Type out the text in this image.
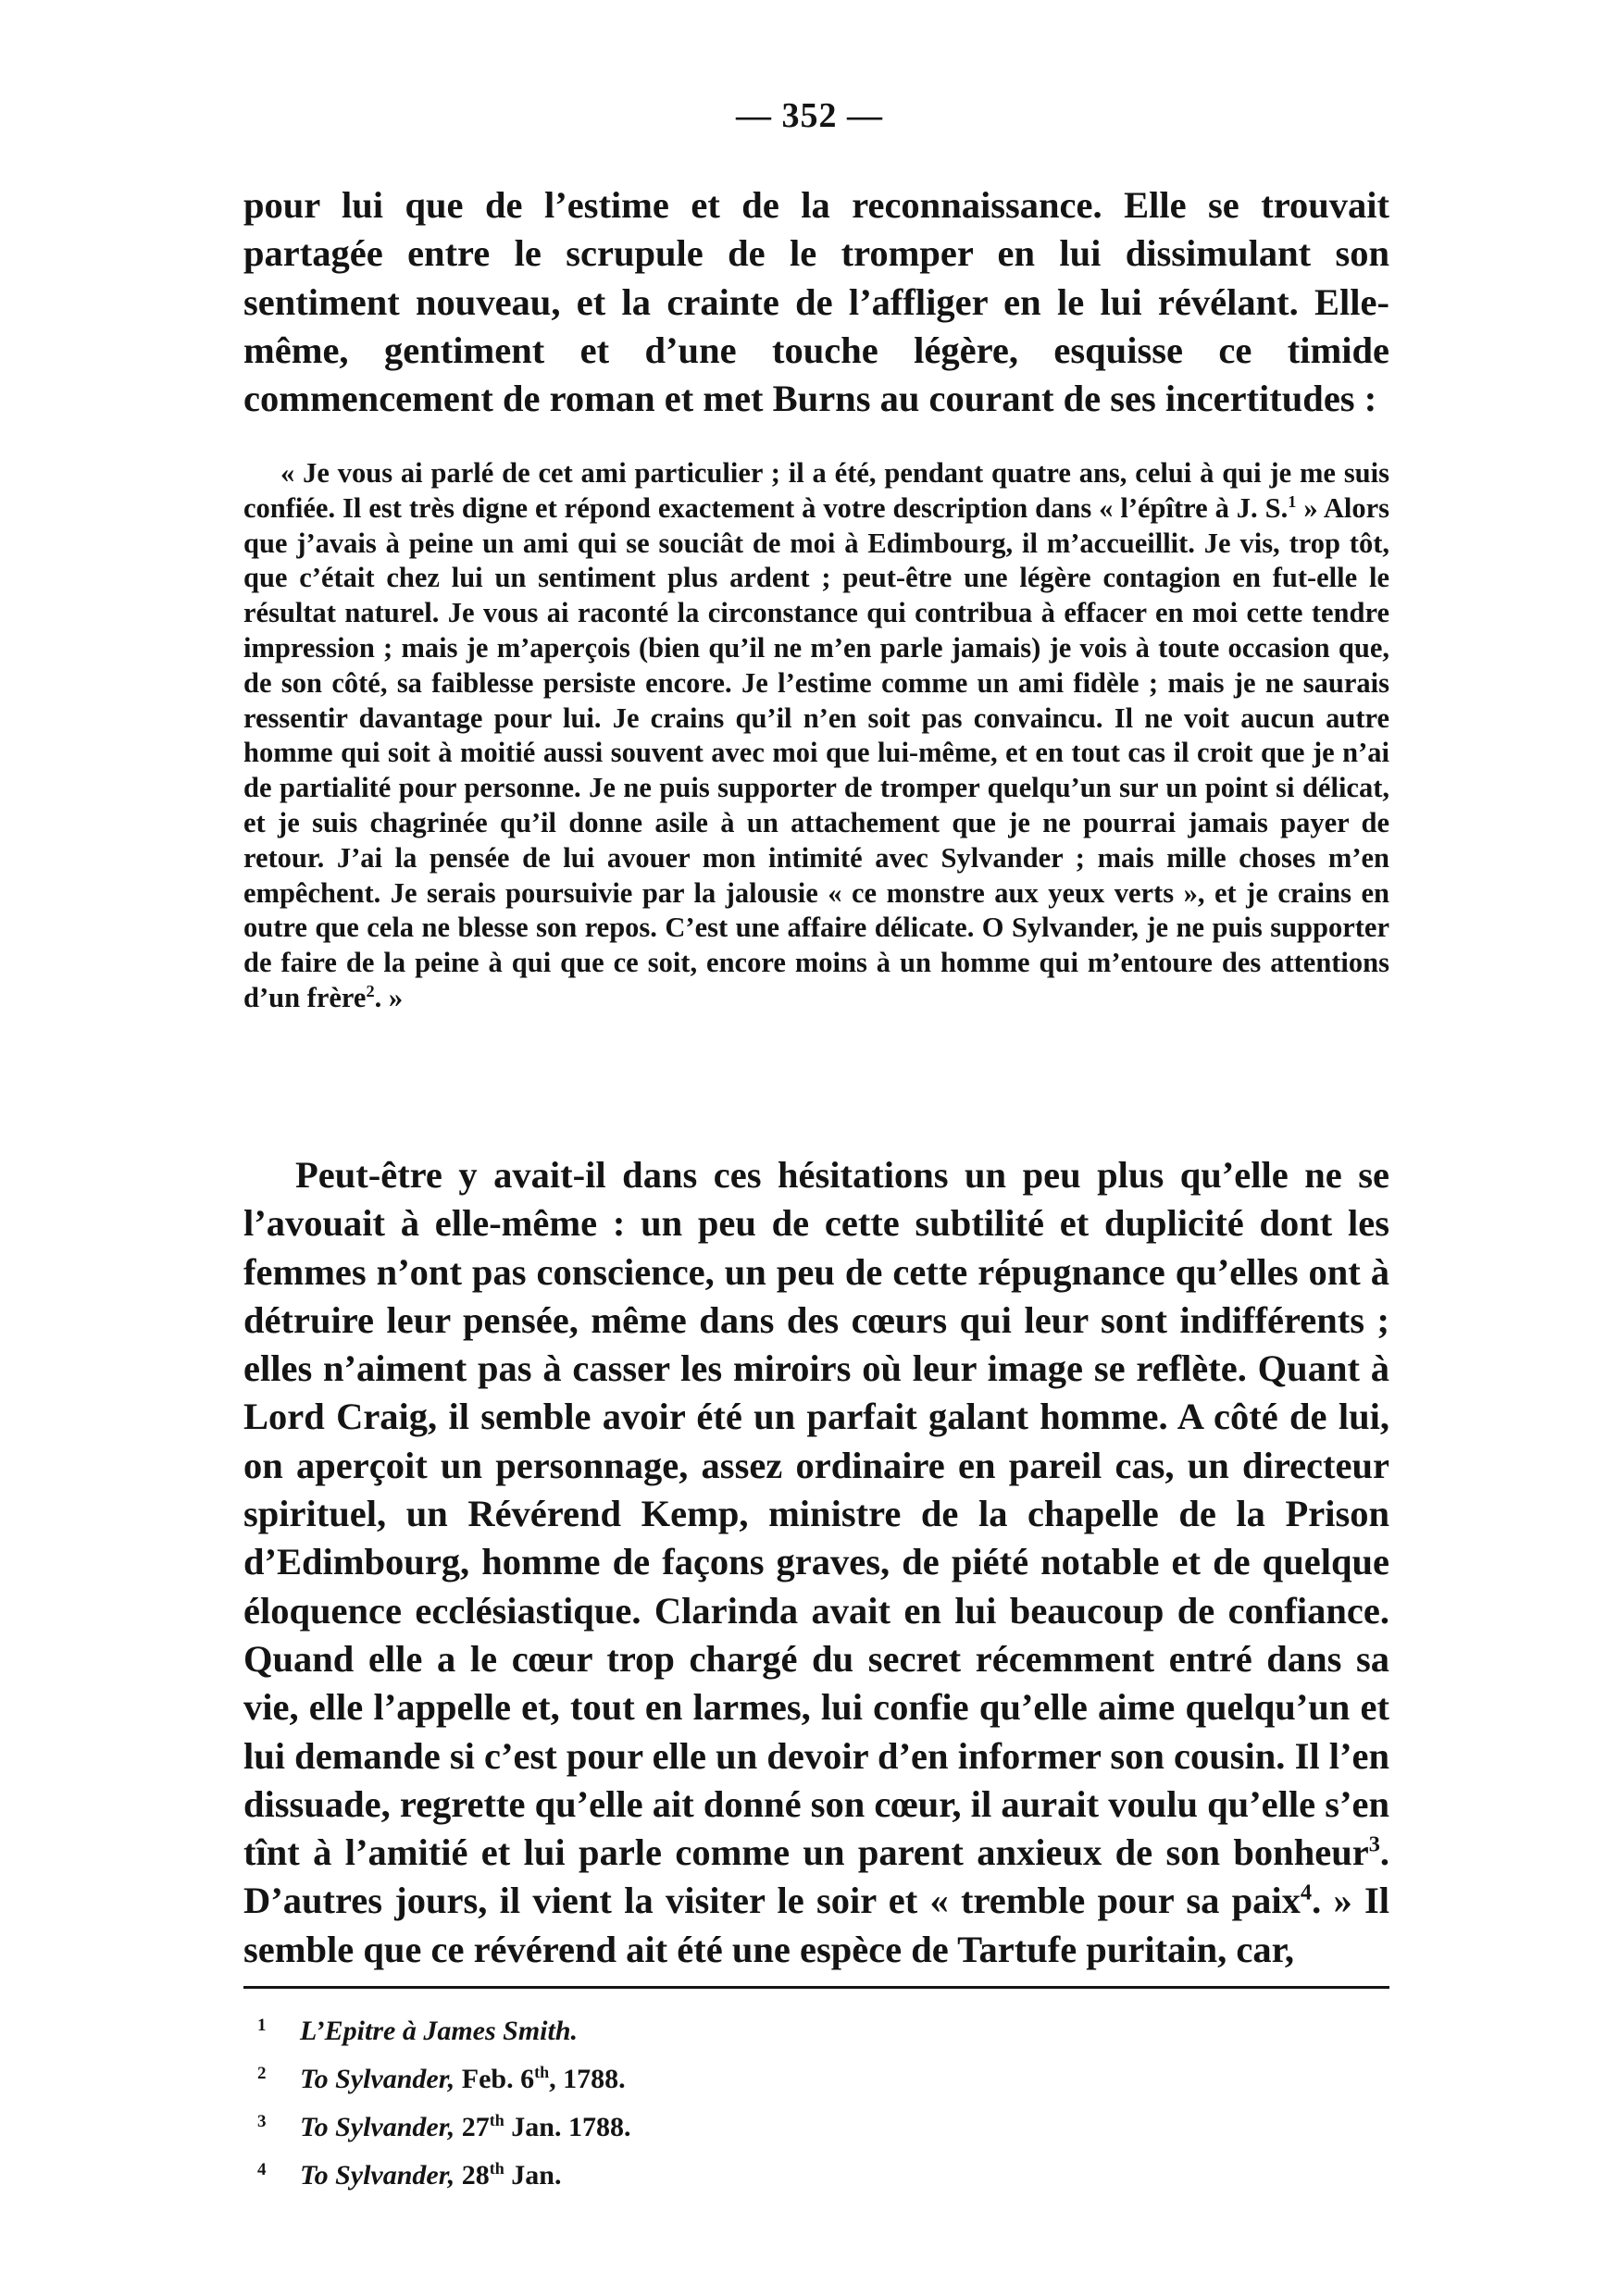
— 352 —
pour lui que de l’estime et de la reconnaissance. Elle se trouvait partagée entre le scrupule de le tromper en lui dissimulant son sentiment nouveau, et la crainte de l’affliger en le lui révélant. Elle-même, gentiment et d’une touche légère, esquisse ce timide commencement de roman et met Burns au courant de ses incertitudes :
« Je vous ai parlé de cet ami particulier ; il a été, pendant quatre ans, celui à qui je me suis confiée. Il est très digne et répond exactement à votre description dans « l’épître à J. S.$^1$ » Alors que j’avais à peine un ami qui se souciât de moi à Edimbourg, il m’accueillit. Je vis, trop tôt, que c’était chez lui un sentiment plus ardent ; peut-être une légère contagion en fut-elle le résultat naturel. Je vous ai raconté la circonstance qui contribua à effacer en moi cette tendre impression ; mais je m’aperçois (bien qu’il ne m’en parle jamais) je vois à toute occasion que, de son côté, sa faiblesse persiste encore. Je l’estime comme un ami fidèle ; mais je ne saurais ressentir davantage pour lui. Je crains qu’il n’en soit pas convaincu. Il ne voit aucun autre homme qui soit à moitié aussi souvent avec moi que lui-même, et en tout cas il croit que je n’ai de partialité pour personne. Je ne puis supporter de tromper quelqu’un sur un point si délicat, et je suis chagrinée qu’il donne asile à un attachement que je ne pourrai jamais payer de retour. J’ai la pensée de lui avouer mon intimité avec Sylvander ; mais mille choses m’en empêchent. Je serais poursuivie par la jalousie « ce monstre aux yeux verts », et je crains en outre que cela ne blesse son repos. C’est une affaire délicate. O Sylvander, je ne puis supporter de faire de la peine à qui que ce soit, encore moins à un homme qui m’entoure des attentions d’un frère$^2$. »
Peut-être y avait-il dans ces hésitations un peu plus qu’elle ne se l’avouait à elle-même : un peu de cette subtilité et duplicité dont les femmes n’ont pas conscience, un peu de cette répugnance qu’elles ont à détruire leur pensée, même dans des cœurs qui leur sont indifférents ; elles n’aiment pas à casser les miroirs où leur image se reflète. Quant à Lord Craig, il semble avoir été un parfait galant homme. A côté de lui, on aperçoit un personnage, assez ordinaire en pareil cas, un directeur spirituel, un Révérend Kemp, ministre de la chapelle de la Prison d’Edimbourg, homme de façons graves, de piété notable et de quelque éloquence ecclésiastique. Clarinda avait en lui beaucoup de confiance. Quand elle a le cœur trop chargé du secret récemment entré dans sa vie, elle l’appelle et, tout en larmes, lui confie qu’elle aime quelqu’un et lui demande si c’est pour elle un devoir d’en informer son cousin. Il l’en dissuade, regrette qu’elle ait donné son cœur, il aurait voulu qu’elle s’en tînt à l’amitié et lui parle comme un parent anxieux de son bonheur$^3$. D’autres jours, il vient la visiter le soir et « tremble pour sa paix$^4$. » Il semble que ce révérend ait été une espèce de Tartufe puritain, car,
1 L’Epitre à James Smith.
2 To Sylvander, Feb. 6th, 1788.
3 To Sylvander, 27th Jan. 1788.
4 To Sylvander, 28th Jan.
